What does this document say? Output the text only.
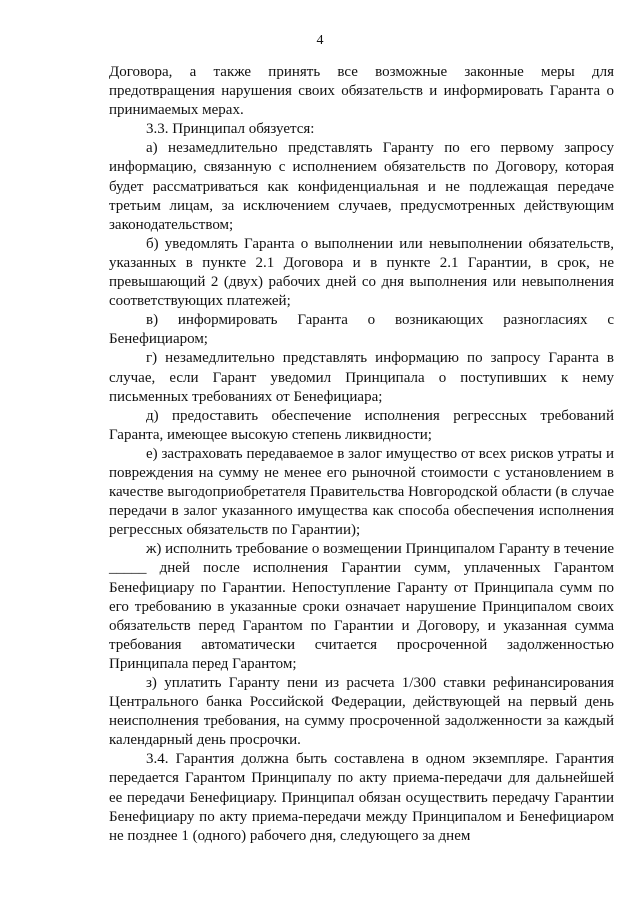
4

Договора, а также принять все возможные законные меры для предотвращения нарушения своих обязательств и информировать Гаранта о принимаемых мерах.

3.3. Принципал обязуется:

а) незамедлительно представлять Гаранту по его первому запросу информацию, связанную с исполнением обязательств по Договору, которая будет рассматриваться как конфиденциальная и не подлежащая передаче третьим лицам, за исключением случаев, предусмотренных действующим законодательством;

б) уведомлять Гаранта о выполнении или невыполнении обязательств, указанных в пункте 2.1 Договора и в пункте 2.1 Гарантии, в срок, не превышающий 2 (двух) рабочих дней со дня выполнения или невыполнения соответствующих платежей;

в) информировать Гаранта о возникающих разногласиях с Бенефициаром;

г) незамедлительно представлять информацию по запросу Гаранта в случае, если Гарант уведомил Принципала о поступивших к нему письменных требованиях от Бенефициара;

д) предоставить обеспечение исполнения регрессных требований Гаранта, имеющее высокую степень ликвидности;

е) застраховать передаваемое в залог имущество от всех рисков утраты и повреждения на сумму не менее его рыночной стоимости с установлением в качестве выгодоприобретателя Правительства Новгородской области (в случае передачи в залог указанного имущества как способа обеспечения исполнения регрессных обязательств по Гарантии);

ж) исполнить требование о возмещении Принципалом Гаранту в течение _____ дней после исполнения Гарантии сумм, уплаченных Гарантом Бенефициару по Гарантии. Непоступление Гаранту от Принципала сумм по его требованию в указанные сроки означает нарушение Принципалом своих обязательств перед Гарантом по Гарантии и Договору, и указанная сумма требования автоматически считается просроченной задолженностью Принципала перед Гарантом;

з) уплатить Гаранту пени из расчета 1/300 ставки рефинансирования Центрального банка Российской Федерации, действующей на первый день неисполнения требования, на сумму просроченной задолженности за каждый календарный день просрочки.

3.4. Гарантия должна быть составлена в одном экземпляре. Гарантия передается Гарантом Принципалу по акту приема-передачи для дальнейшей ее передачи Бенефициару. Принципал обязан осуществить передачу Гарантии Бенефициару по акту приема-передачи между Принципалом и Бенефициаром не позднее 1 (одного) рабочего дня, следующего за днем
